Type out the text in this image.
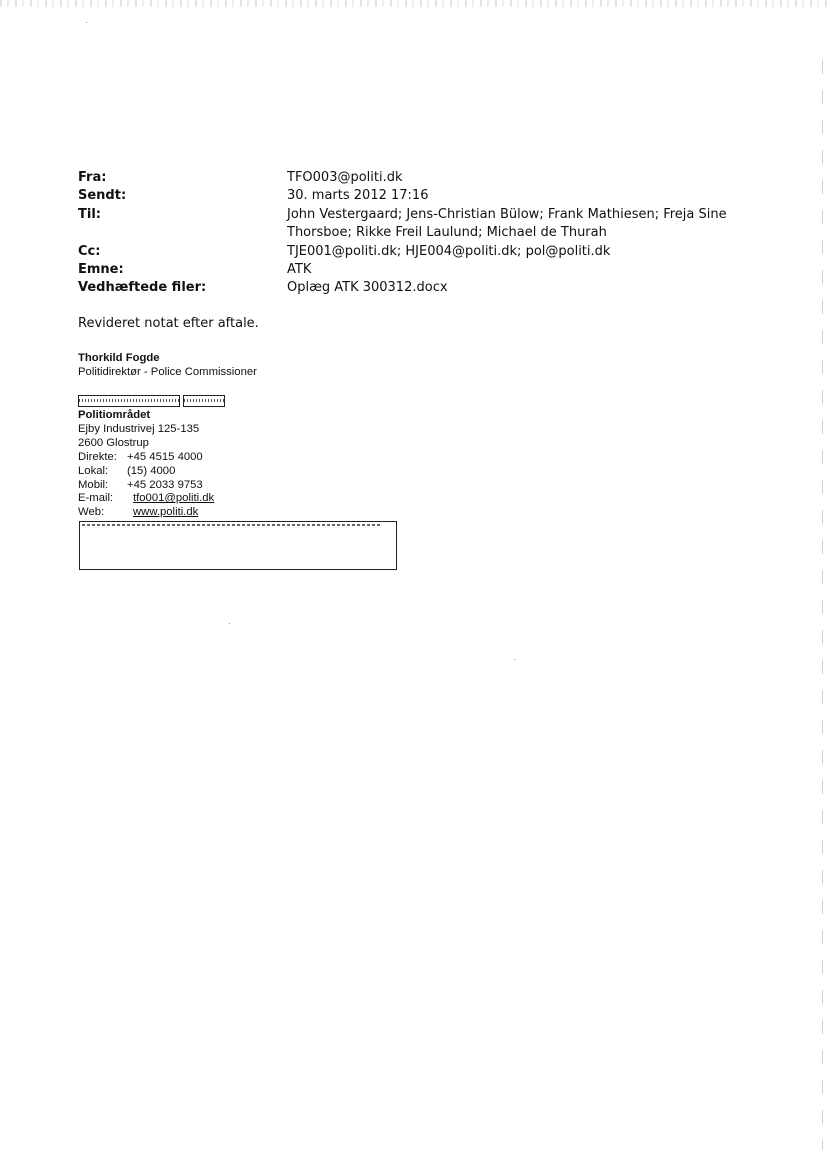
Fra:	TFO003@politi.dk
Sendt:	30. marts 2012 17:16
Til:	John Vestergaard; Jens-Christian Bülow; Frank Mathiesen; Freja Sine
Thorsboe; Rikke Freil Laulund; Michael de Thurah
Cc:	TJE001@politi.dk; HJE004@politi.dk; pol@politi.dk
Emne:	ATK
Vedhæftede filer:	Oplæg ATK 300312.docx
Revideret notat efter aftale.
Thorkild Fogde
Politidirektør - Police Commissioner
Politiområdet
Ejby Industrivej 125-135
2600 Glostrup
Direkte: +45 4515 4000
Lokal:	(15) 4000
Mobil:	+45 2033 9753
E-mail:	tfo001@politi.dk
Web:	www.politi.dk
